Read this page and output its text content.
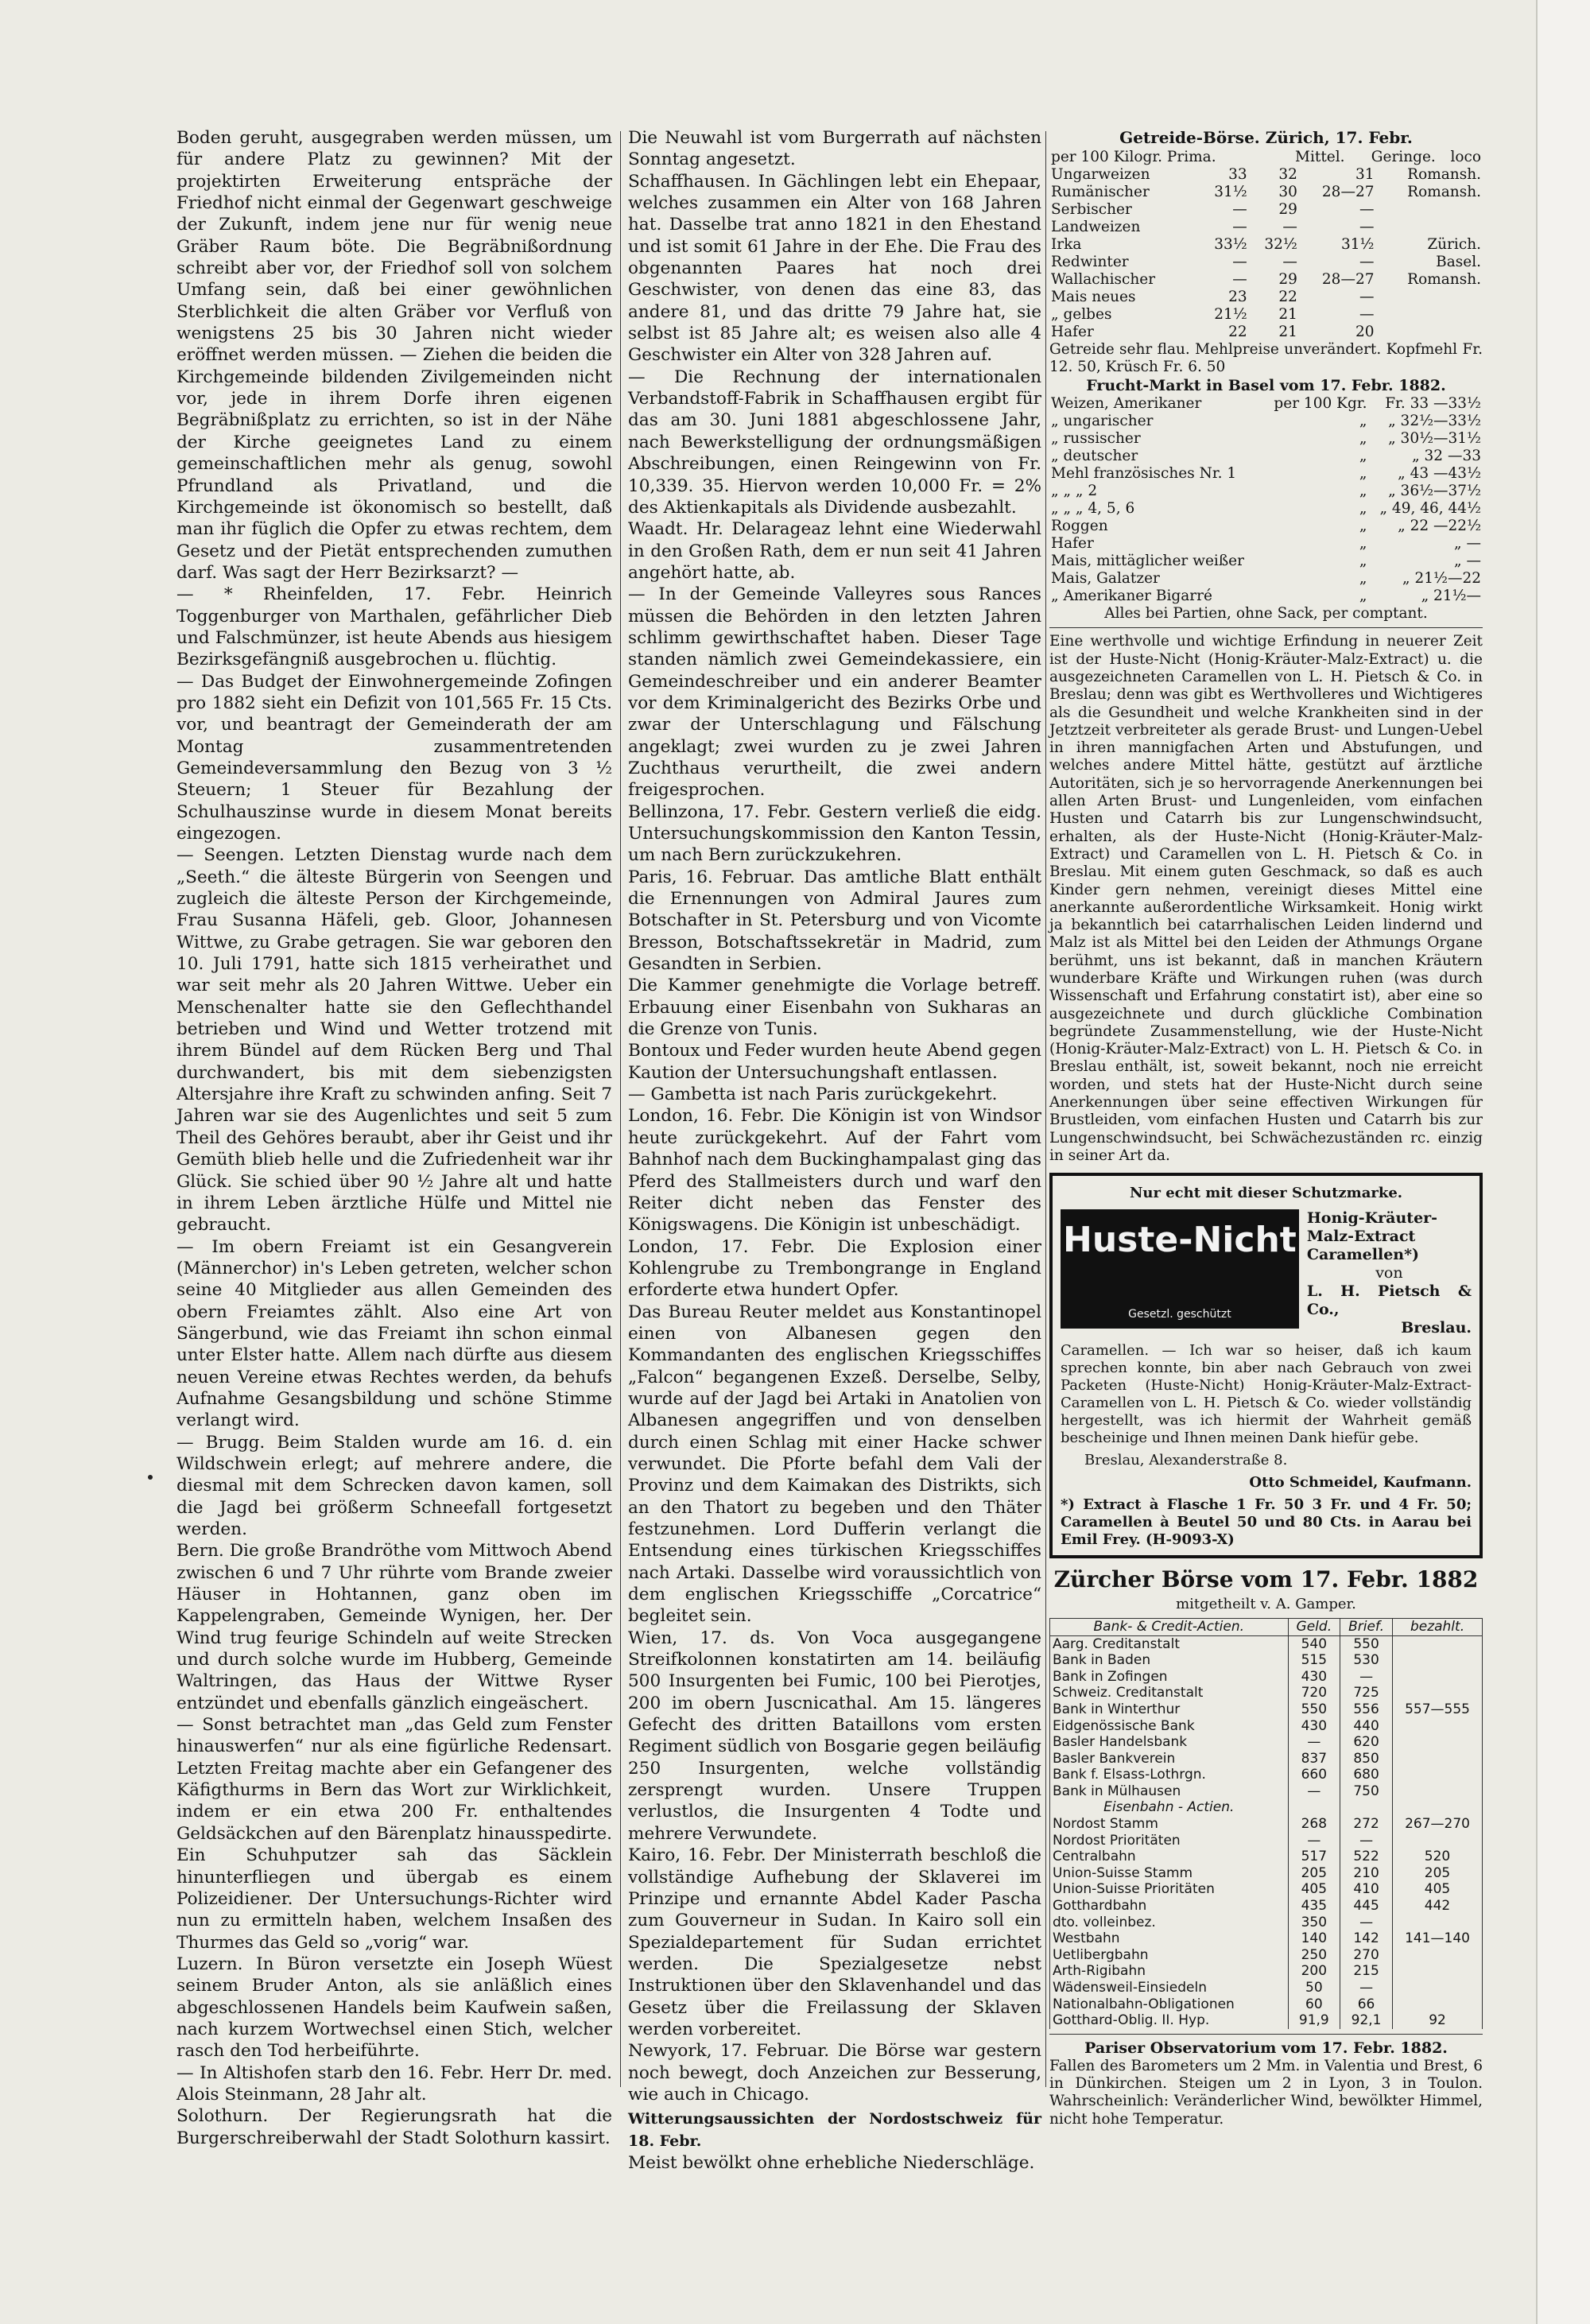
Boden geruht, ausgegraben werden müssen, um für andere Platz zu gewinnen? Mit der projektirten Erweiterung entspräche der Friedhof nicht einmal der Gegenwart geschweige der Zukunft, indem jene nur für wenig neue Gräber Raum böte. Die Begräbnißordnung schreibt aber vor, der Friedhof soll von solchem Umfang sein, daß bei einer gewöhnlichen Sterblichkeit die alten Gräber vor Verfluß von wenigstens 25 bis 30 Jahren nicht wieder eröffnet werden müssen. — Ziehen die beiden die Kirchgemeinde bildenden Zivilgemeinden nicht vor, jede in ihrem Dorfe ihren eigenen Begräbnißplatz zu errichten, so ist in der Nähe der Kirche geeignetes Land zu einem gemeinschaftlichen mehr als genug, sowohl Pfrundland als Privatland, und die Kirchgemeinde ist ökonomisch so bestellt, daß man ihr füglich die Opfer zu etwas rechtem, dem Gesetz und der Pietät entsprechenden zumuthen darf. Was sagt der Herr Bezirksarzt? —

— * Rheinfelden, 17. Febr. Heinrich Toggenburger von Marthalen, gefährlicher Dieb und Falschmünzer, ist heute Abends aus hiesigem Bezirksgefängniß ausgebrochen u. flüchtig.

— Das Budget der Einwohnergemeinde Zofingen pro 1882 sieht ein Defizit von 101,565 Fr. 15 Cts. vor, und beantragt der Gemeinderath der am Montag zusammentretenden Gemeindeversammlung den Bezug von 3 ½ Steuern; 1 Steuer für Bezahlung der Schulhauszinse wurde in diesem Monat bereits eingezogen.

— Seengen. Letzten Dienstag wurde nach dem „Seeth.“ die älteste Bürgerin von Seengen und zugleich die älteste Person der Kirchgemeinde, Frau Susanna Häfeli, geb. Gloor, Johannesen Wittwe, zu Grabe getragen. Sie war geboren den 10. Juli 1791, hatte sich 1815 verheirathet und war seit mehr als 20 Jahren Wittwe. Ueber ein Menschenalter hatte sie den Geflechthandel betrieben und Wind und Wetter trotzend mit ihrem Bündel auf dem Rücken Berg und Thal durchwandert, bis mit dem siebenzigsten Altersjahre ihre Kraft zu schwinden anfing. Seit 7 Jahren war sie des Augenlichtes und seit 5 zum Theil des Gehöres beraubt, aber ihr Geist und ihr Gemüth blieb helle und die Zufriedenheit war ihr Glück. Sie schied über 90 ½ Jahre alt und hatte in ihrem Leben ärztliche Hülfe und Mittel nie gebraucht.

— Im obern Freiamt ist ein Gesangverein (Männerchor) in's Leben getreten, welcher schon seine 40 Mitglieder aus allen Gemeinden des obern Freiamtes zählt. Also eine Art von Sängerbund, wie das Freiamt ihn schon einmal unter Elster hatte. Allem nach dürfte aus diesem neuen Vereine etwas Rechtes werden, da behufs Aufnahme Gesangsbildung und schöne Stimme verlangt wird.

— Brugg. Beim Stalden wurde am 16. d. ein Wildschwein erlegt; auf mehrere andere, die diesmal mit dem Schrecken davon kamen, soll die Jagd bei größerm Schneefall fortgesetzt werden.

Bern. Die große Brandröthe vom Mittwoch Abend zwischen 6 und 7 Uhr rührte vom Brande zweier Häuser in Hohtannen, ganz oben im Kappelengraben, Gemeinde Wynigen, her. Der Wind trug feurige Schindeln auf weite Strecken und durch solche wurde im Hubberg, Gemeinde Waltringen, das Haus der Wittwe Ryser entzündet und ebenfalls gänzlich eingeäschert.

— Sonst betrachtet man „das Geld zum Fenster hinauswerfen“ nur als eine figürliche Redensart. Letzten Freitag machte aber ein Gefangener des Käfigthurms in Bern das Wort zur Wirklichkeit, indem er ein etwa 200 Fr. enthaltendes Geldsäckchen auf den Bärenplatz hinausspedirte. Ein Schuhputzer sah das Säcklein hinunterfliegen und übergab es einem Polizeidiener. Der Untersuchungs-Richter wird nun zu ermitteln haben, welchem Insaßen des Thurmes das Geld so „vorig“ war.

Luzern. In Büron versetzte ein Joseph Wüest seinem Bruder Anton, als sie anläßlich eines abgeschlossenen Handels beim Kaufwein saßen, nach kurzem Wortwechsel einen Stich, welcher rasch den Tod herbeiführte.

— In Altishofen starb den 16. Febr. Herr Dr. med. Alois Steinmann, 28 Jahr alt.

Solothurn. Der Regierungsrath hat die Burgerschreiberwahl der Stadt Solothurn kassirt.

Die Neuwahl ist vom Burgerrath auf nächsten Sonntag angesetzt.

Schaffhausen. In Gächlingen lebt ein Ehepaar, welches zusammen ein Alter von 168 Jahren hat. Dasselbe trat anno 1821 in den Ehestand und ist somit 61 Jahre in der Ehe. Die Frau des obgenannten Paares hat noch drei Geschwister, von denen das eine 83, das andere 81, und das dritte 79 Jahre hat, sie selbst ist 85 Jahre alt; es weisen also alle 4 Geschwister ein Alter von 328 Jahren auf.

— Die Rechnung der internationalen Verbandstoff-Fabrik in Schaffhausen ergibt für das am 30. Juni 1881 abgeschlossene Jahr, nach Bewerkstelligung der ordnungsmäßigen Abschreibungen, einen Reingewinn von Fr. 10,339. 35. Hiervon werden 10,000 Fr. = 2% des Aktienkapitals als Dividende ausbezahlt.

Waadt. Hr. Delarageaz lehnt eine Wiederwahl in den Großen Rath, dem er nun seit 41 Jahren angehört hatte, ab.

— In der Gemeinde Valleyres sous Rances müssen die Behörden in den letzten Jahren schlimm gewirthschaftet haben. Dieser Tage standen nämlich zwei Gemeindekassiere, ein Gemeindeschreiber und ein anderer Beamter vor dem Kriminalgericht des Bezirks Orbe und zwar der Unterschlagung und Fälschung angeklagt; zwei wurden zu je zwei Jahren Zuchthaus verurtheilt, die zwei andern freigesprochen.

Bellinzona, 17. Febr. Gestern verließ die eidg. Untersuchungskommission den Kanton Tessin, um nach Bern zurückzukehren.

Paris, 16. Februar. Das amtliche Blatt enthält die Ernennungen von Admiral Jaures zum Botschafter in St. Petersburg und von Vicomte Bresson, Botschaftssekretär in Madrid, zum Gesandten in Serbien.

Die Kammer genehmigte die Vorlage betreff. Erbauung einer Eisenbahn von Sukharas an die Grenze von Tunis.

Bontoux und Feder wurden heute Abend gegen Kaution der Untersuchungshaft entlassen.

— Gambetta ist nach Paris zurückgekehrt.

London, 16. Febr. Die Königin ist von Windsor heute zurückgekehrt. Auf der Fahrt vom Bahnhof nach dem Buckinghampalast ging das Pferd des Stallmeisters durch und warf den Reiter dicht neben das Fenster des Königswagens. Die Königin ist unbeschädigt.

London, 17. Febr. Die Explosion einer Kohlengrube zu Trembongrange in England erforderte etwa hundert Opfer.

Das Bureau Reuter meldet aus Konstantinopel einen von Albanesen gegen den Kommandanten des englischen Kriegsschiffes „Falcon“ begangenen Exzeß. Derselbe, Selby, wurde auf der Jagd bei Artaki in Anatolien von Albanesen angegriffen und von denselben durch einen Schlag mit einer Hacke schwer verwundet. Die Pforte befahl dem Vali der Provinz und dem Kaimakan des Distrikts, sich an den Thatort zu begeben und den Thäter festzunehmen. Lord Dufferin verlangt die Entsendung eines türkischen Kriegsschiffes nach Artaki. Dasselbe wird voraussichtlich von dem englischen Kriegsschiffe „Corcatrice“ begleitet sein.

Wien, 17. ds. Von Voca ausgegangene Streifkolonnen konstatirten am 14. beiläufig 500 Insurgenten bei Fumic, 100 bei Pierotjes, 200 im obern Juscnicathal. Am 15. längeres Gefecht des dritten Bataillons vom ersten Regiment südlich von Bosgarie gegen beiläufig 250 Insurgenten, welche vollständig zersprengt wurden. Unsere Truppen verlustlos, die Insurgenten 4 Todte und mehrere Verwundete.

Kairo, 16. Febr. Der Ministerrath beschloß die vollständige Aufhebung der Sklaverei im Prinzipe und ernannte Abdel Kader Pascha zum Gouverneur in Sudan. In Kairo soll ein Spezialdepartement für Sudan errichtet werden. Die Spezialgesetze nebst Instruktionen über den Sklavenhandel und das Gesetz über die Freilassung der Sklaven werden vorbereitet.

Newyork, 17. Februar. Die Börse war gestern noch bewegt, doch Anzeichen zur Besserung, wie auch in Chicago.

Witterungsaussichten der Nordostschweiz für 18. Febr.

Meist bewölkt ohne erhebliche Niederschläge.

Getreide-Börse. Zürich, 17. Febr.

per 100 Kilogr. Prima.	Mittel.	Geringe.	loco
Ungarweizen	33	32	31	Romansh.
Rumänischer	31½	30	28—27	Romansh.
Serbischer	—	29	—	
Landweizen	—	—	—	
Irka	33½	32½	31½	Zürich.
Redwinter	—	—	—	Basel.
Wallachischer	—	29	28—27	Romansh.
Mais neues	23	22	—	
„ gelbes	21½	21	—	
Hafer	22	21	20	

Getreide sehr flau. Mehlpreise unverändert. Kopfmehl Fr. 12. 50, Krüsch Fr. 6. 50

Frucht-Markt in Basel vom 17. Febr. 1882.

Weizen, Amerikaner	per 100 Kgr.	Fr. 33 —33½
„ ungarischer	„	„ 32½—33½
„ russischer	„	„ 30½—31½
„ deutscher	„	„ 32 —33
Mehl französisches Nr. 1	„	„ 43 —43½
„ „ „ 2	„	„ 36½—37½
„ „ „ 4, 5, 6	„	„ 49, 46, 44½
Roggen	„	„ 22 —22½
Hafer	„	„ —
Mais, mittäglicher weißer	„	„ —
Mais, Galatzer	„	„ 21½—22
„ Amerikaner Bigarré	„	„ 21½—

Alles bei Partien, ohne Sack, per comptant.

Eine werthvolle und wichtige Erfindung in neuerer Zeit ist der Huste-Nicht (Honig-Kräuter-Malz-Extract) u. die ausgezeichneten Caramellen von L. H. Pietsch & Co. in Breslau; denn was gibt es Werthvolleres und Wichtigeres als die Gesundheit und welche Krankheiten sind in der Jetztzeit verbreiteter als gerade Brust- und Lungen-Uebel in ihren mannigfachen Arten und Abstufungen, und welches andere Mittel hätte, gestützt auf ärztliche Autoritäten, sich je so hervorragende Anerkennungen bei allen Arten Brust- und Lungenleiden, vom einfachen Husten und Catarrh bis zur Lungenschwindsucht, erhalten, als der Huste-Nicht (Honig-Kräuter-Malz-Extract) und Caramellen von L. H. Pietsch & Co. in Breslau. Mit einem guten Geschmack, so daß es auch Kinder gern nehmen, vereinigt dieses Mittel eine anerkannte außerordentliche Wirksamkeit. Honig wirkt ja bekanntlich bei catarrhalischen Leiden lindernd und Malz ist als Mittel bei den Leiden der Athmungs Organe berühmt, uns ist bekannt, daß in manchen Kräutern wunderbare Kräfte und Wirkungen ruhen (was durch Wissenschaft und Erfahrung constatirt ist), aber eine so ausgezeichnete und durch glückliche Combination begründete Zusammenstellung, wie der Huste-Nicht (Honig-Kräuter-Malz-Extract) von L. H. Pietsch & Co. in Breslau enthält, ist, soweit bekannt, noch nie erreicht worden, und stets hat der Huste-Nicht durch seine Anerkennungen über seine effectiven Wirkungen für Brustleiden, vom einfachen Husten und Catarrh bis zur Lungenschwindsucht, bei Schwächezuständen rc. einzig in seiner Art da.

Nur echt mit dieser Schutzmarke.
Huste-Nicht
Gesetzl. geschützt
Honig-Kräuter-
Malz-Extract
Caramellen*)
von
L. H. Pietsch & Co.,
Breslau.
Caramellen. — Ich war so heiser, daß ich kaum sprechen konnte, bin aber nach Gebrauch von zwei Packeten (Huste-Nicht) Honig-Kräuter-Malz-Extract-Caramellen von L. H. Pietsch & Co. wieder vollständig hergestellt, was ich hiermit der Wahrheit gemäß bescheinige und Ihnen meinen Dank hiefür gebe.
Breslau, Alexanderstraße 8.
Otto Schmeidel, Kaufmann.
*) Extract à Flasche 1 Fr. 50 3 Fr. und 4 Fr. 50; Caramellen à Beutel 50 und 80 Cts. in Aarau bei Emil Frey. (H-9093-X)
Zürcher Börse vom 17. Febr. 1882
mitgetheilt v. A. Gamper.
Bank- & Credit-Actien.	Geld.	Brief.	bezahlt.
Aarg. Creditanstalt	540	550	
Bank in Baden	515	530	
Bank in Zofingen	430	—	
Schweiz. Creditanstalt	720	725	
Bank in Winterthur	550	556	557—555
Eidgenössische Bank	430	440	
Basler Handelsbank	—	620	
Basler Bankverein	837	850	
Bank f. Elsass-Lothrgn.	660	680	
Bank in Mülhausen	—	750	
Eisenbahn - Actien.			
Nordost Stamm	268	272	267—270
Nordost Prioritäten	—	—	
Centralbahn	517	522	520
Union-Suisse Stamm	205	210	205
Union-Suisse Prioritäten	405	410	405
Gotthardbahn	435	445	442
dto. volleinbez.	350	—	
Westbahn	140	142	141—140
Uetlibergbahn	250	270	
Arth-Rigibahn	200	215	
Wädensweil-Einsiedeln	50	—	
Nationalbahn-Obligationen	60	66	
Gotthard-Oblig. II. Hyp.	91,9	92,1	92

Pariser Observatorium vom 17. Febr. 1882.

Fallen des Barometers um 2 Mm. in Valentia und Brest, 6 in Dünkirchen. Steigen um 2 in Lyon, 3 in Toulon. Wahrscheinlich: Veränderlicher Wind, bewölkter Himmel, nicht hohe Temperatur.
